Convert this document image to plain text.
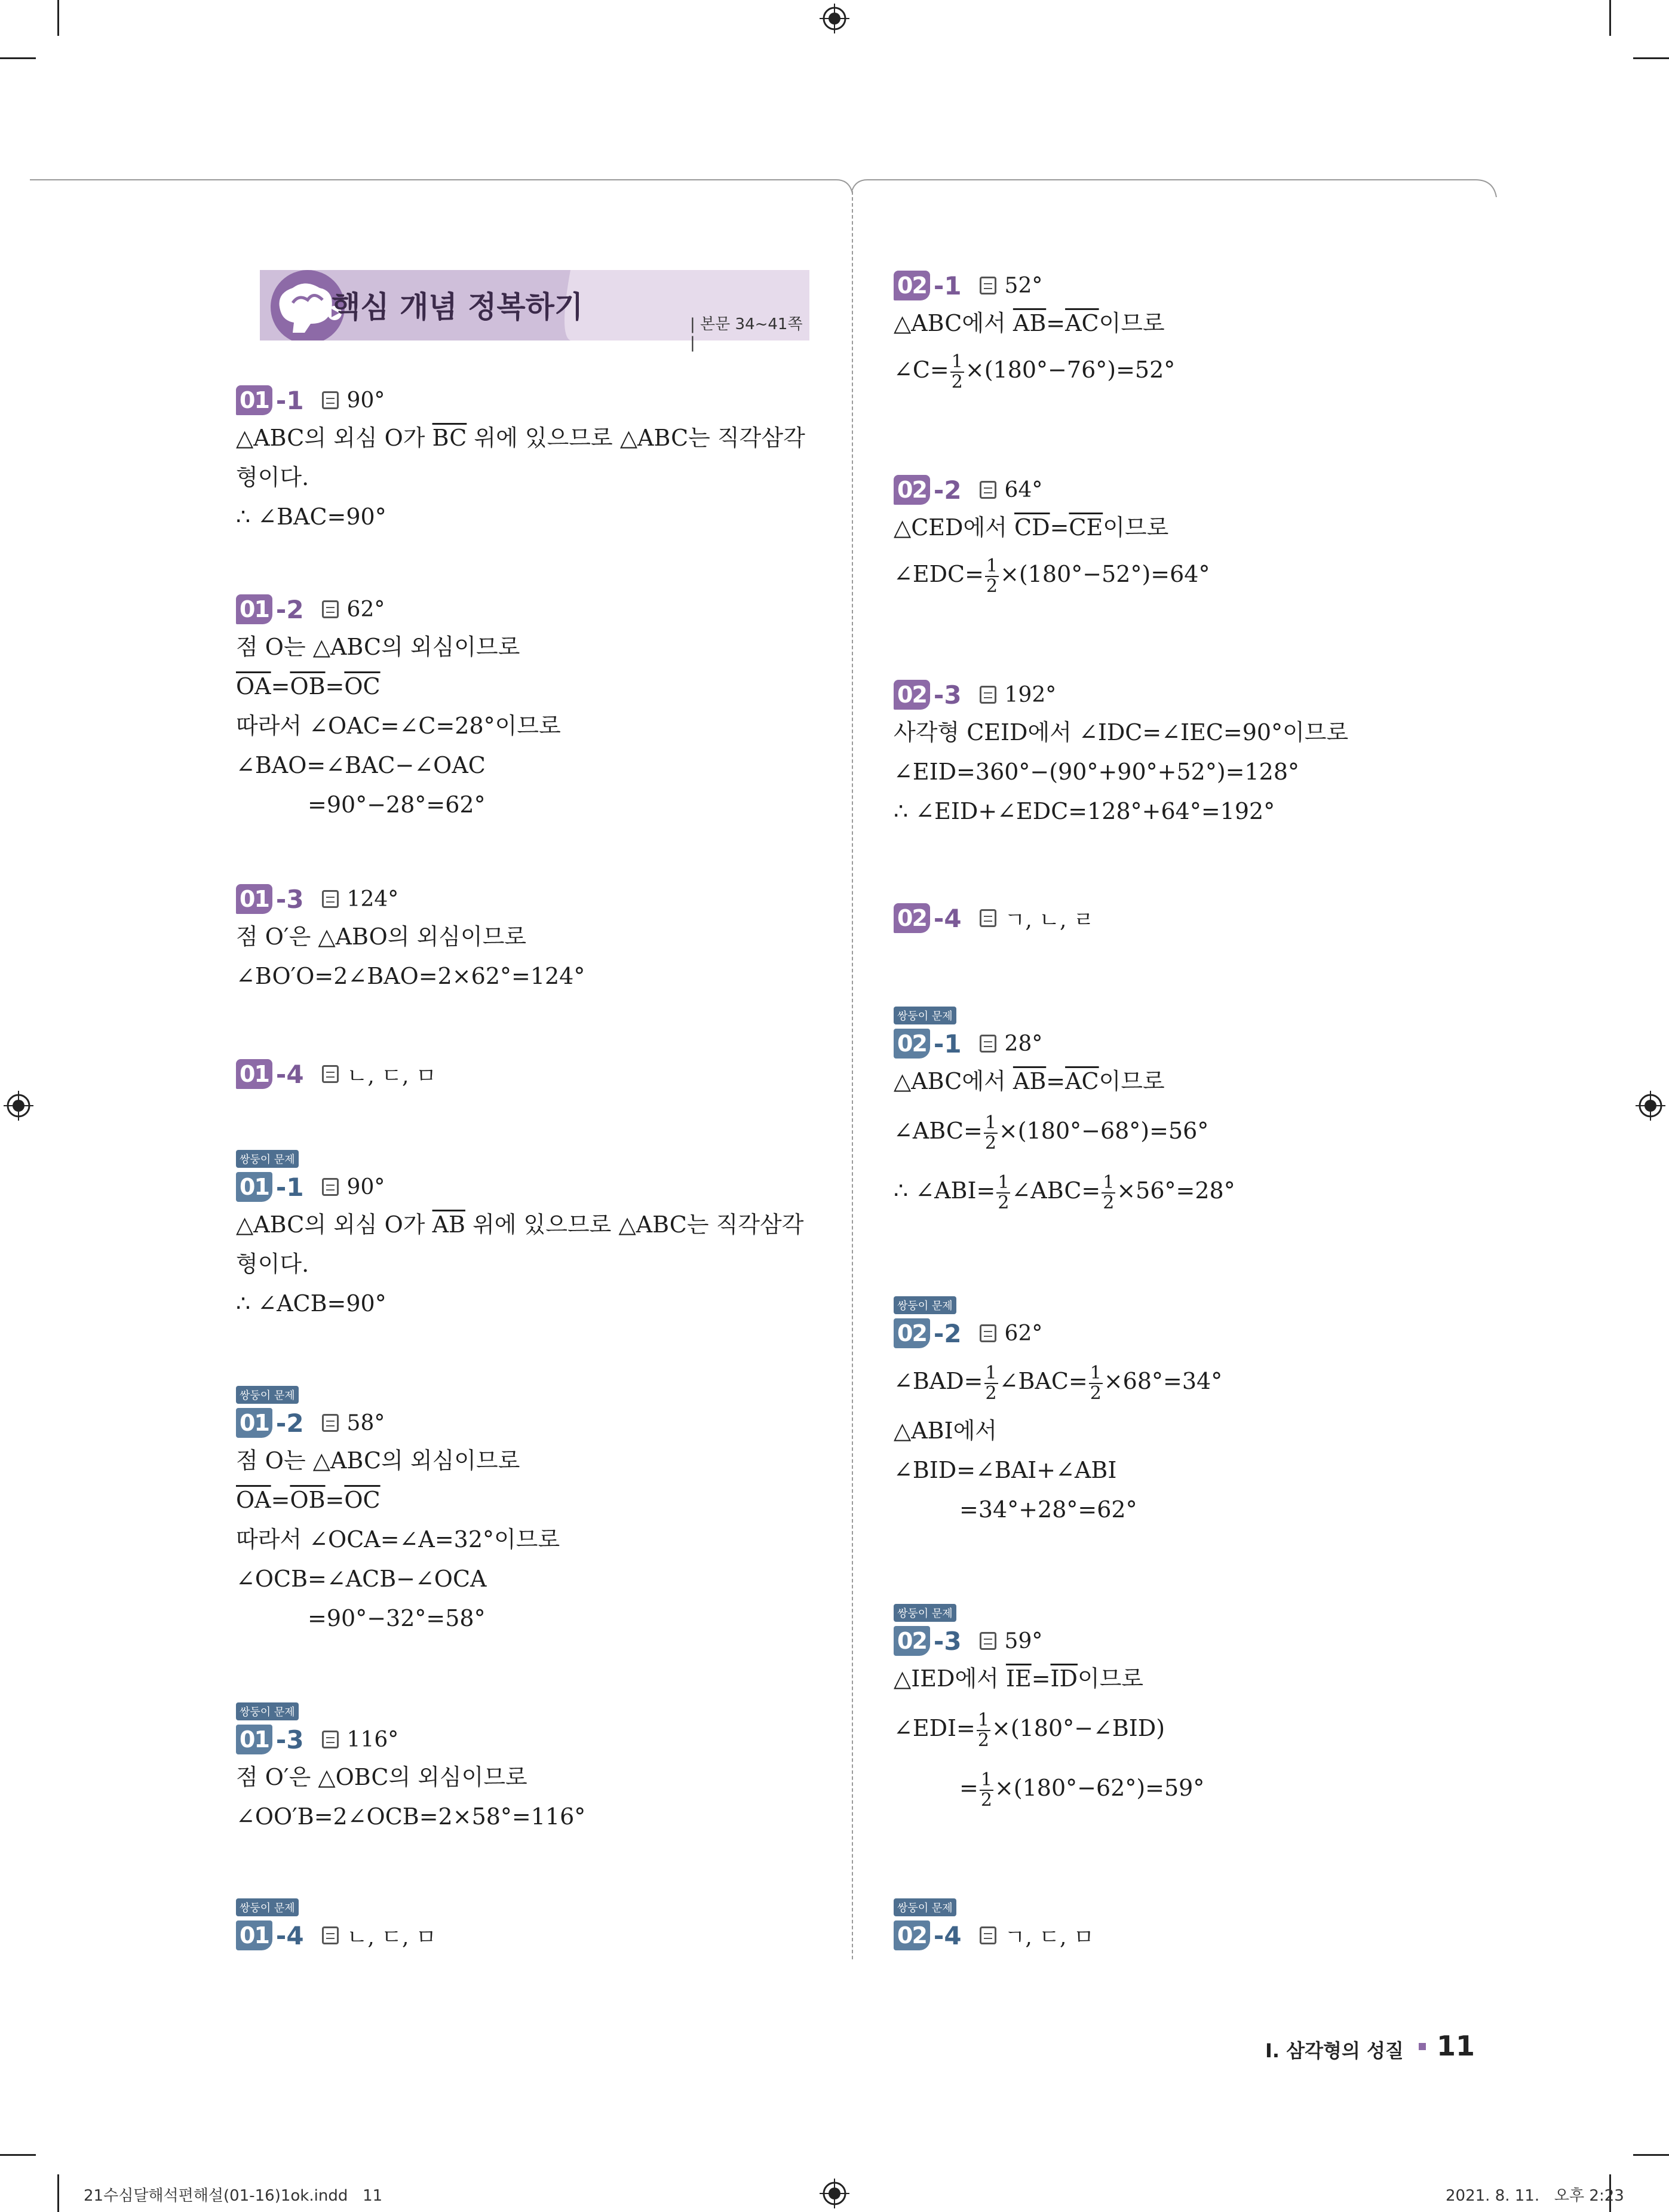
핵심 개념 정복하기	| 본문 34~41쪽 |
01 -1 90°
△ABC의 외심 O가 $\overline{BC}$ 위에 있으므로 △ABC는 직각삼각
형이다.
∴ ∠BAC=90°
01 -2 62°
점 O는 △ABC의 외심이므로
$\overline{OA}=\overline{OB}=\overline{OC}$
따라서 ∠OAC=∠C=28°이므로
∠BAO=∠BAC−∠OAC
=90°−28°=62°
01 -3 124°
점 O′은 △ABO의 외심이므로
∠BO′O=2∠BAO=2×62°=124°
01 -4 ㄴ, ㄷ, ㅁ
쌍둥이 문제
01 -1 90°
△ABC의 외심 O가 $\overline{AB}$ 위에 있으므로 △ABC는 직각삼각
형이다.
∴ ∠ACB=90°
쌍둥이 문제
01 -2 58°
점 O는 △ABC의 외심이므로
$\overline{OA}=\overline{OB}=\overline{OC}$
따라서 ∠OCA=∠A=32°이므로
∠OCB=∠ACB−∠OCA
=90°−32°=58°
쌍둥이 문제
01 -3 116°
점 O′은 △OBC의 외심이므로
∠OO′B=2∠OCB=2×58°=116°
쌍둥이 문제
01 -4 ㄴ, ㄷ, ㅁ
02 -1 52°
△ABC에서 $\overline{AB}=\overline{AC}$이므로
∠C= $\frac{1}{2} \times(180^\circ-76^\circ)=52^\circ$
02 -2 64°
△CED에서 $\overline{CD}=\overline{CE}$이므로
∠EDC= $\frac{1}{2} \times(180^\circ-52^\circ)=64^\circ$
02 -3 192°
사각형 CEID에서 ∠IDC=∠IEC=90°이므로
∠EID=360°−(90°+90°+52°)=128°
∴ ∠EID+∠EDC=128°+64°=192°
02 -4 ㄱ, ㄴ, ㄹ
쌍둥이 문제
02 -1 28°
△ABC에서 $\overline{AB}=\overline{AC}$이므로
∠ABC= $\frac{1}{2} \times(180^\circ-68^\circ)=56^\circ$
∴ ∠ABI= $\frac{1}{2}$ ∠ABC= $\frac{1}{2} \times 56^\circ=28^\circ$
쌍둥이 문제
02 -2 62°
∠BAD= $\frac{1}{2}$ ∠BAC= $\frac{1}{2} \times 68^\circ=34^\circ$
△ABI에서
∠BID=∠BAI+∠ABI
=34°+28°=62°
쌍둥이 문제
02 -3 59°
△IED에서 $\overline{IE}=\overline{ID}$이므로
∠EDI= $\frac{1}{2}$ ×(180°−∠BID)
= $\frac{1}{2} \times(180^\circ-62^\circ)=59^\circ$
쌍둥이 문제
02 -4 ㄱ, ㄷ, ㅁ
Ⅰ. 삼각형의 성질 11
21수심달해석편해설(01-16)1ok.indd   11	2021. 8. 11.   오후 2:23
